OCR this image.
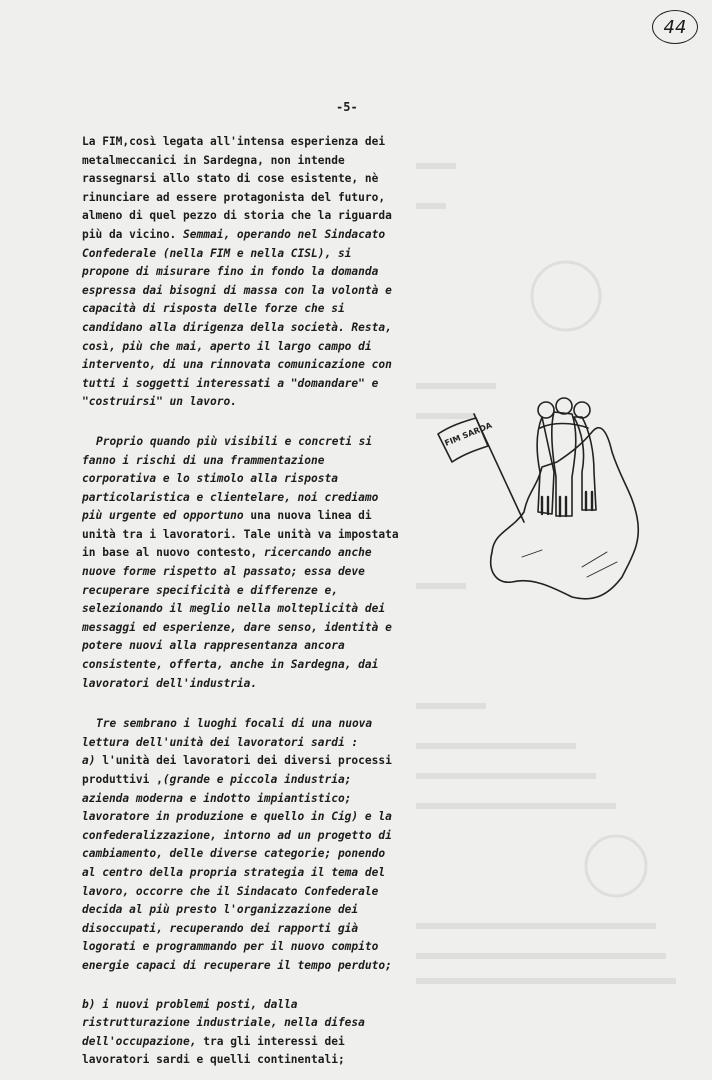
44
-5-

La FIM,così legata all'intensa esperienza dei metalmeccanici in Sardegna, non intende rassegnarsi allo stato di cose esistente, nè rinunciare ad essere protagonista del futuro, almeno di quel pezzo di storia che la riguarda più da vicino. Semmai, operando nel Sindacato Confederale (nella FIM e nella CISL), si propone di misurare fino in fondo la domanda espressa dai bisogni di massa con la volontà e capacità di risposta delle forze che si candidano alla dirigenza della società. Resta, così, più che mai, aperto il largo campo di intervento, di una rinnovata comunicazione con tutti i soggetti interessati a "domandare" e "costruirsi" un lavoro.

Proprio quando più visibili e concreti si fanno i rischi di una frammentazione corporativa e lo stimolo alla risposta particolaristica e clientelare, noi crediamo più urgente ed opportuno una nuova linea di unità tra i lavoratori. Tale unità va impostata in base al nuovo contesto, ricercando anche nuove forme rispetto al passato; essa deve recuperare specificità e differenze e, selezionando il meglio nella molteplicità dei messaggi ed esperienze, dare senso, identità e potere nuovi alla rappresentanza ancora consistente, offerta, anche in Sardegna, dai lavoratori dell'industria.

Tre sembrano i luoghi focali di una nuova lettura dell'unità dei lavoratori sardi :
a) l'unità dei lavoratori dei diversi processi produttivi ,(grande e piccola industria; azienda moderna e indotto impiantistico; lavoratore in produzione e quello in Cig) e la confederalizzazione, intorno ad un progetto di cambiamento, delle diverse categorie; ponendo al centro della propria strategia il tema del lavoro, occorre che il Sindacato Confederale decida al più presto l'organizzazione dei disoccupati, recuperando dei rapporti già logorati e programmando per il nuovo compito energie capaci di recuperare il tempo perduto;

b) i nuovi problemi posti, dalla ristrutturazione industriale, nella difesa dell'occupazione, tra gli interessi dei lavoratori sardi e quelli continentali;

FIM SARDA
